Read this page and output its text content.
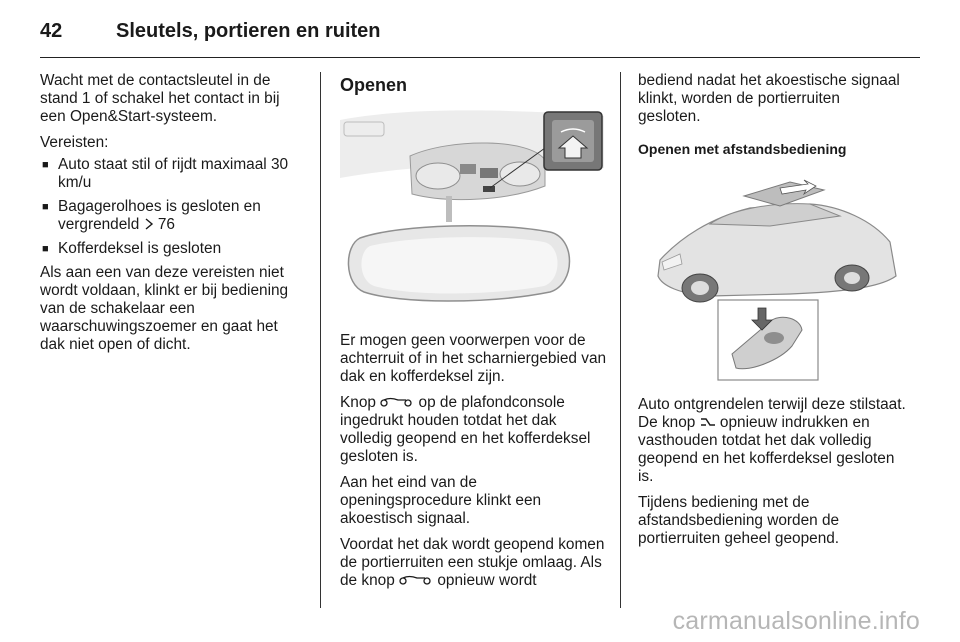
42	Sleutels, portieren en ruiten

Wacht met de contactsleutel in de stand 1 of schakel het contact in bij een Open&Start-systeem.

Vereisten:

■ Auto staat stil of rijdt maximaal 30 km/u
■ Bagagerolhoes is gesloten en vergrendeld 76
■ Kofferdeksel is gesloten

Als aan een van deze vereisten niet wordt voldaan, klinkt er bij bediening van de schakelaar een waarschuwingszoemer en gaat het dak niet open of dicht.

Openen

Er mogen geen voorwerpen voor de achterruit of in het scharniergebied van dak en kofferdeksel zijn.

Knop	op de plafondconsole ingedrukt houden totdat het dak volledig geopend en het kofferdeksel gesloten is.

Aan het eind van de openingsprocedure klinkt een akoestisch signaal.

Voordat het dak wordt geopend komen de portierruiten een stukje omlaag. Als de knop	opnieuw wordt

bediend nadat het akoestische signaal klinkt, worden de portierruiten gesloten.

Openen met afstandsbediening

Auto ontgrendelen terwijl deze stilstaat. De knop opnieuw indrukken en vasthouden totdat het dak volledig geopend en het kofferdeksel gesloten is.

Tijdens bediening met de afstandsbediening worden de portierruiten geheel geopend.

carmanualsonline.info
